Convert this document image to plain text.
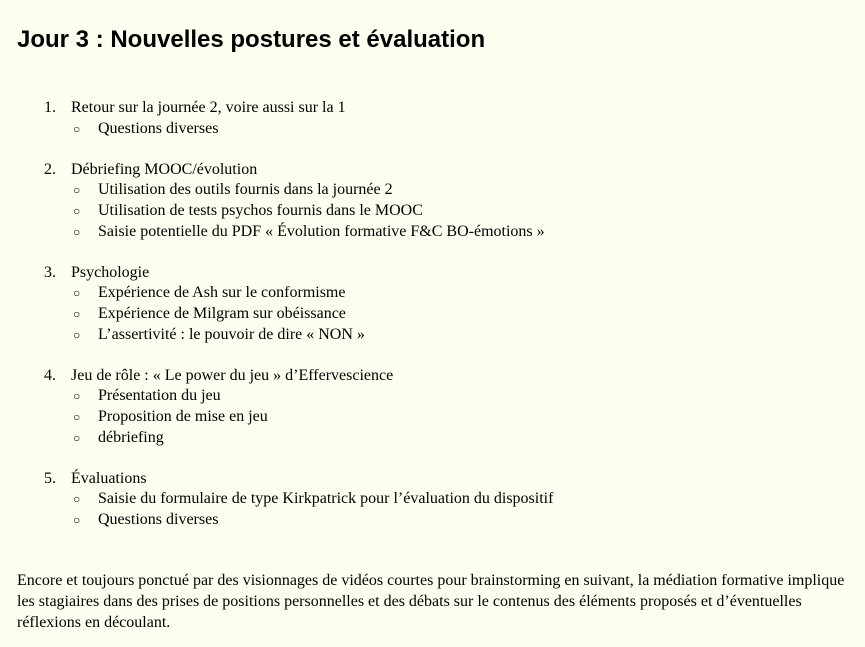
Jour 3 : Nouvelles postures et évaluation
1. Retour sur la journée 2, voire aussi sur la 1
○ Questions diverses
2. Débriefing MOOC/évolution
○ Utilisation des outils fournis dans la journée 2
○ Utilisation de tests psychos fournis dans le MOOC
○ Saisie potentielle du PDF « Évolution formative F&C BO-émotions »
3. Psychologie
○ Expérience de Ash sur le conformisme
○ Expérience de Milgram sur obéissance
○ L’assertivité : le pouvoir de dire « NON »
4. Jeu de rôle : « Le power du jeu » d’Effervescience
○ Présentation du jeu
○ Proposition de mise en jeu
○ débriefing
5. Évaluations
○ Saisie du formulaire de type Kirkpatrick pour l’évaluation du dispositif
○ Questions diverses

Encore et toujours ponctué par des visionnages de vidéos courtes pour brainstorming en suivant, la médiation formative implique les stagiaires dans des prises de positions personnelles et des débats sur le contenus des éléments proposés et d’éventuelles réflexions en découlant.
